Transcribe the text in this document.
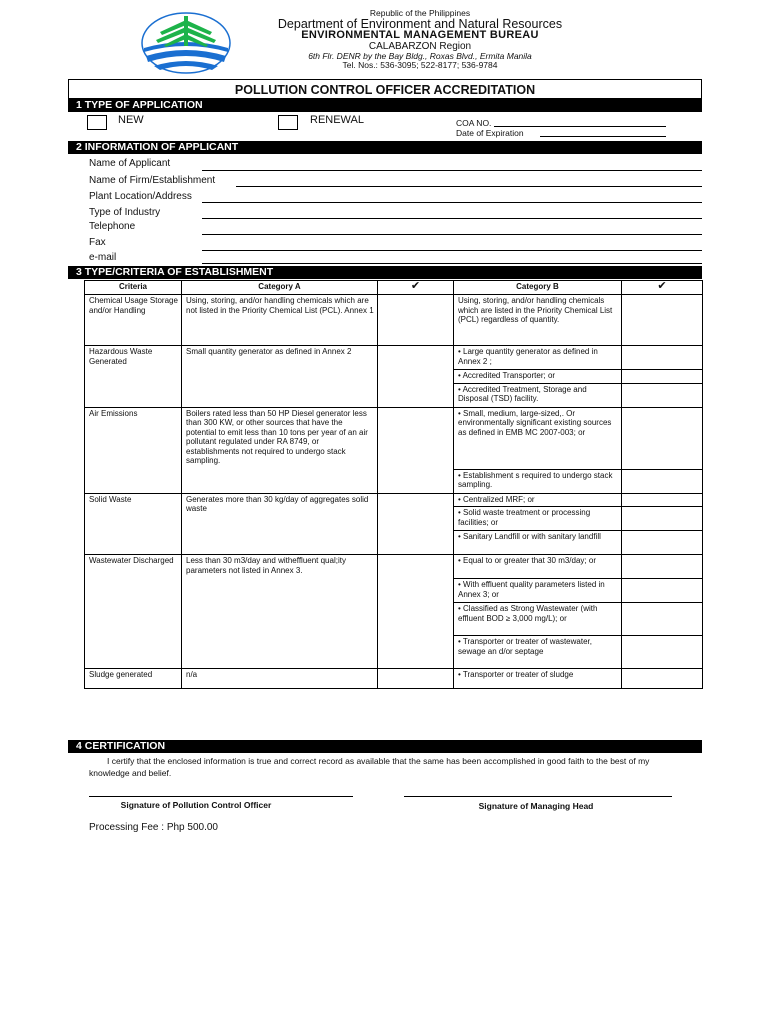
Republic of the Philippines
Department of Environment and Natural Resources
ENVIRONMENTAL MANAGEMENT BUREAU
CALABARZON Region
6th Flr. DENR by the Bay Bldg., Roxas Blvd., Ermita Manila
Tel. Nos.: 536-3095; 522-8177; 536-9784
POLLUTION CONTROL OFFICER ACCREDITATION
1 TYPE OF APPLICATION
NEW	RENEWAL	COA NO.
Date of Expiration
2 INFORMATION OF APPLICANT
Name of Applicant
Name of Firm/Establishment
Plant Location/Address
Type of Industry
Telephone
Fax
e-mail
3 TYPE/CRITERIA OF ESTABLISHMENT
Criteria	Category A	✔	Category B	✔
Chemical Usage Storage and/or Handling	Using, storing, and/or handling chemicals which are not listed in the Priority Chemical List (PCL). Annex 1		Using, storing, and/or handling chemicals which are listed in the Priority Chemical List (PCL) regardless of quantity.	
Hazardous Waste Generated	Small quantity generator as defined in Annex 2		• Large quantity generator as defined in Annex 2 ;	
			• Accredited Transporter; or	
			• Accredited Treatment, Storage and Disposal (TSD) facility.	
Air Emissions	Boilers rated less than 50 HP Diesel generator less than 300 KW, or other sources that have the potential to emit less than 10 tons per year of an air pollutant regulated under RA 8749, or establishments not required to undergo stack sampling.		• Small, medium, large-sized,. Or environmentally significant existing sources as defined in EMB MC 2007-003; or	
			• Establishment s required to undergo stack sampling.	
Solid Waste	Generates more than 30 kg/day of aggregates solid waste		• Centralized MRF; or	
			• Solid waste treatment or processing facilities; or	
			• Sanitary Landfill or with sanitary landfill	
Wastewater Discharged	Less than 30 m3/day and witheffluent qual;ity parameters not listed in Annex 3.		• Equal to or greater that 30 m3/day; or	
			• With effluent quality parameters listed in Annex 3; or	
			• Classified as Strong Wastewater (with effluent BOD ≥ 3,000 mg/L); or	
			• Transporter or treater of wastewater, sewage an d/or septage	
Sludge generated	n/a		• Transporter or treater of sludge	
4 CERTIFICATION
I certify that the enclosed information is true and correct record as available that the same has been accomplished in good faith to the best of my knowledge and belief.
Signature of Pollution Control Officer	Signature of Managing Head
Processing Fee : Php 500.00
